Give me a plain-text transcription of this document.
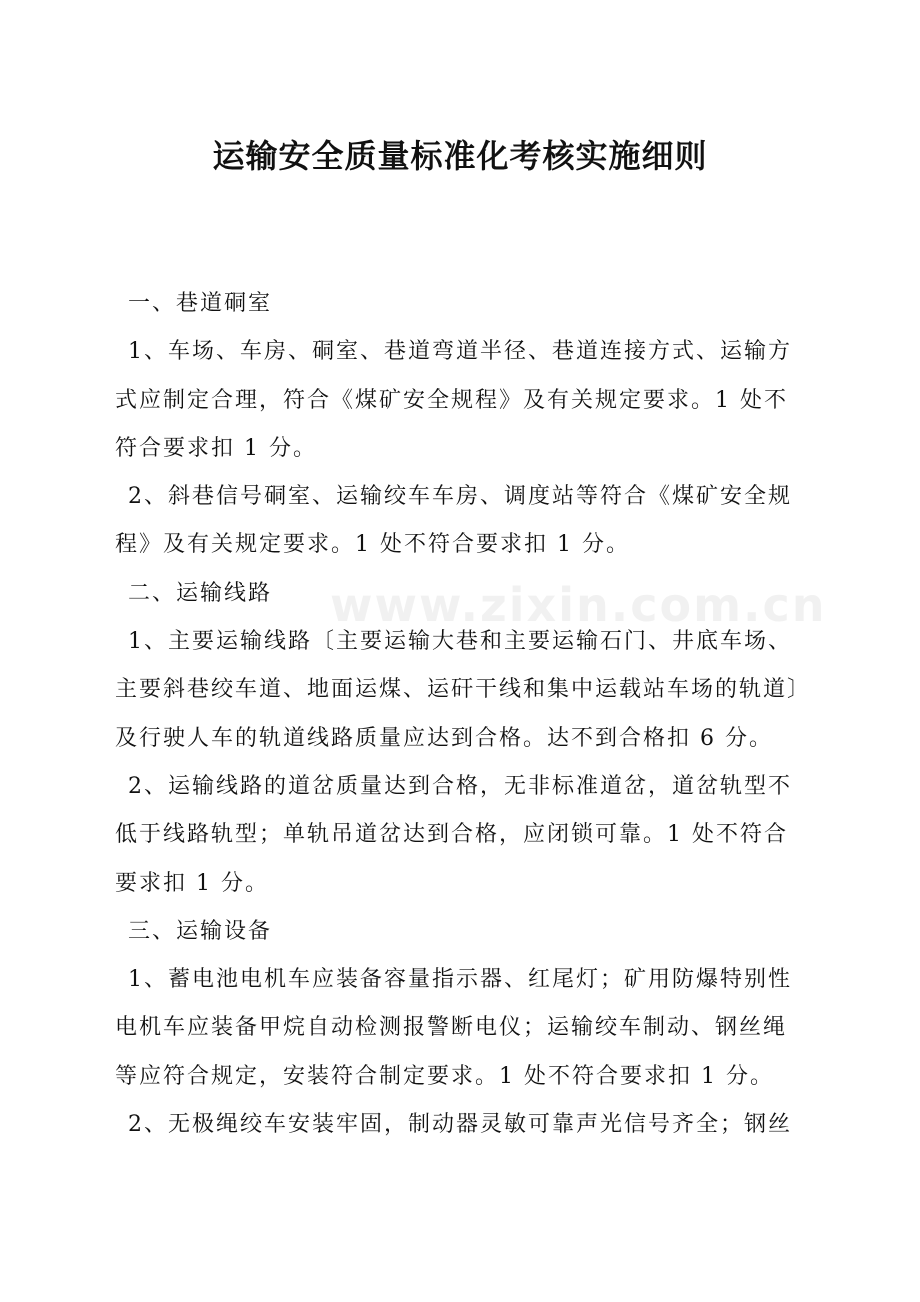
运输安全质量标准化考核实施细则
www.zixin.com.cn
一、巷道硐室
1、车场、车房、硐室、巷道弯道半径、巷道连接方式、运输方
式应制定合理，符合《煤矿安全规程》及有关规定要求。1 处不
符合要求扣 1 分。
2、斜巷信号硐室、运输绞车车房、调度站等符合《煤矿安全规
程》及有关规定要求。1 处不符合要求扣 1 分。
二、运输线路
1、主要运输线路〔主要运输大巷和主要运输石门、井底车场、
主要斜巷绞车道、地面运煤、运矸干线和集中运载站车场的轨道〕
及行驶人车的轨道线路质量应达到合格。达不到合格扣 6 分。
2、运输线路的道岔质量达到合格，无非标准道岔，道岔轨型不
低于线路轨型；单轨吊道岔达到合格，应闭锁可靠。1 处不符合
要求扣 1 分。
三、运输设备
1、蓄电池电机车应装备容量指示器、红尾灯；矿用防爆特别性
电机车应装备甲烷自动检测报警断电仪；运输绞车制动、钢丝绳
等应符合规定，安装符合制定要求。1 处不符合要求扣 1 分。
2、无极绳绞车安装牢固，制动器灵敏可靠声光信号齐全；钢丝
